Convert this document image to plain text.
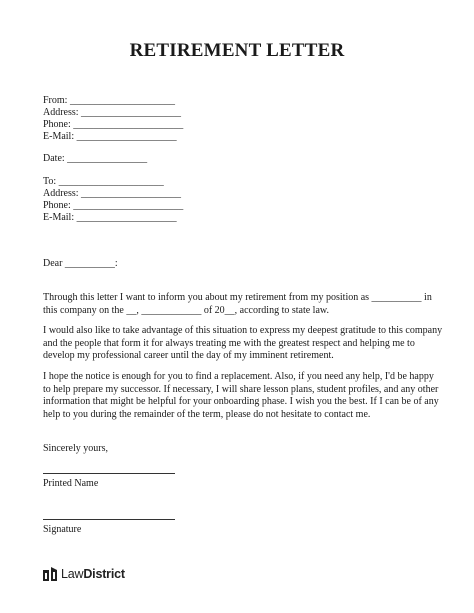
RETIREMENT LETTER
From: _____________________
Address: ____________________
Phone: ______________________
E-Mail: ____________________
Date: ________________
To: _____________________
Address: ____________________
Phone: ______________________
E-Mail: ____________________
Dear __________:
Through this letter I want to inform you about my retirement from my position as __________ in this company on the __, ____________ of 20__, according to state law.
I would also like to take advantage of this situation to express my deepest gratitude to this company and the people that form it for always treating me with the greatest respect and helping me to develop my professional career until the day of my imminent retirement.
I hope the notice is enough for you to find a replacement. Also, if you need any help, I'd be happy to help prepare my successor. If necessary, I will share lesson plans, student profiles, and any other information that might be helpful for your onboarding phase. I wish you the best. If I can be of any help to you during the remainder of the term, please do not hesitate to contact me.
Sincerely yours,
Printed Name
Signature
LawDistrict
